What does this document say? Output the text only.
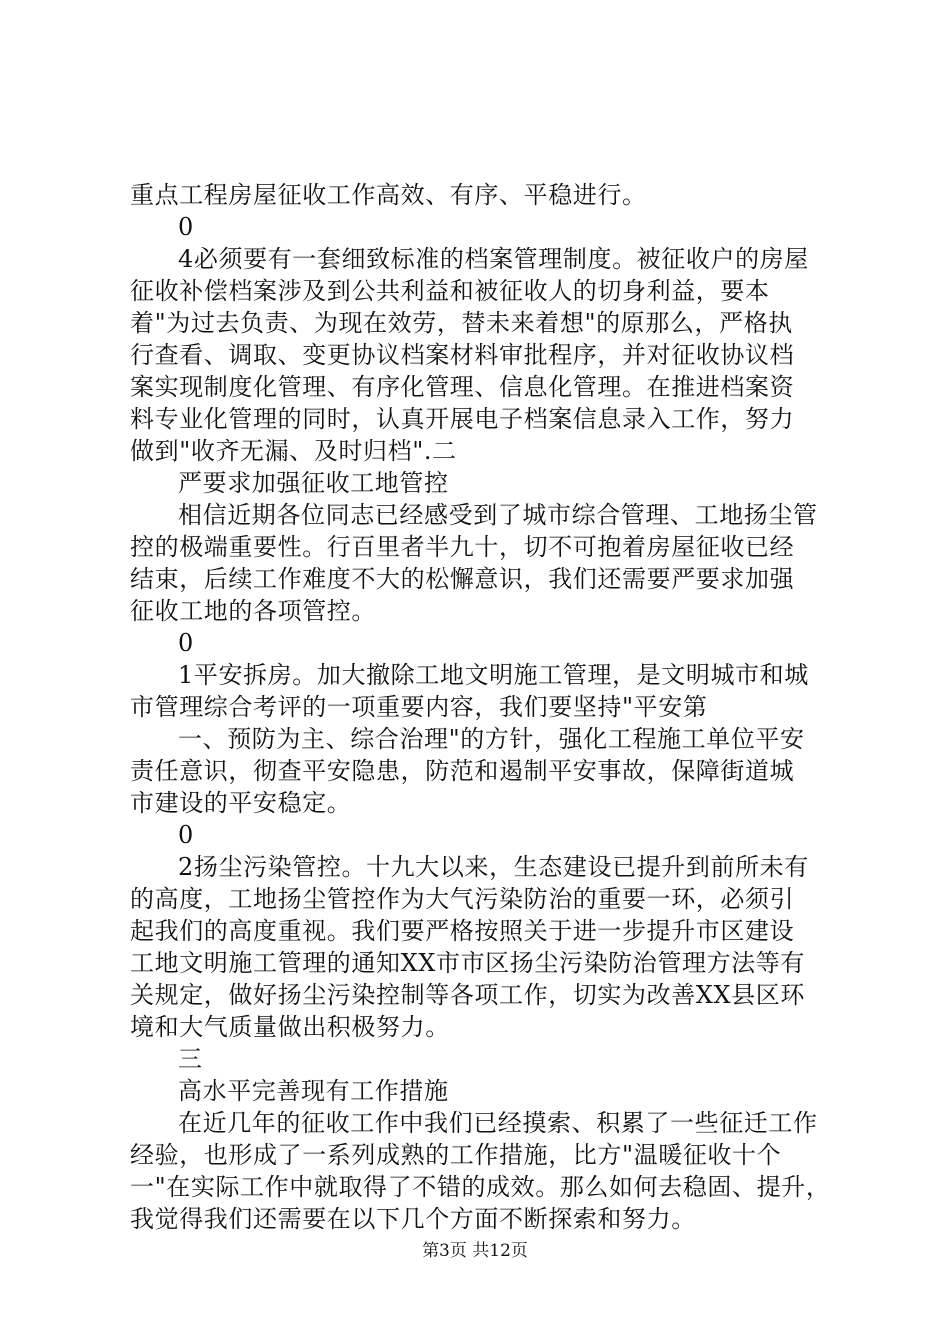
重点工程房屋征收工作高效、有序、平稳进行。
0
4必须要有一套细致标准的档案管理制度。被征收户的房屋
征收补偿档案涉及到公共利益和被征收人的切身利益，要本
着"为过去负责、为现在效劳，替未来着想"的原那么，严格执
行查看、调取、变更协议档案材料审批程序，并对征收协议档
案实现制度化管理、有序化管理、信息化管理。在推进档案资
料专业化管理的同时，认真开展电子档案信息录入工作，努力
做到"收齐无漏、及时归档".二
严要求加强征收工地管控
相信近期各位同志已经感受到了城市综合管理、工地扬尘管
控的极端重要性。行百里者半九十，切不可抱着房屋征收已经
结束，后续工作难度不大的松懈意识，我们还需要严要求加强
征收工地的各项管控。
0
1平安拆房。加大撤除工地文明施工管理，是文明城市和城
市管理综合考评的一项重要内容，我们要坚持"平安第
一、预防为主、综合治理"的方针，强化工程施工单位平安
责任意识，彻查平安隐患，防范和遏制平安事故，保障街道城
市建设的平安稳定。
0
2扬尘污染管控。十九大以来，生态建设已提升到前所未有
的高度，工地扬尘管控作为大气污染防治的重要一环，必须引
起我们的高度重视。我们要严格按照关于进一步提升市区建设
工地文明施工管理的通知XX市市区扬尘污染防治管理方法等有
关规定，做好扬尘污染控制等各项工作，切实为改善XX县区环
境和大气质量做出积极努力。
三
高水平完善现有工作措施
在近几年的征收工作中我们已经摸索、积累了一些征迁工作
经验，也形成了一系列成熟的工作措施，比方"温暖征收十个
一"在实际工作中就取得了不错的成效。那么如何去稳固、提升，
我觉得我们还需要在以下几个方面不断探索和努力。
第3页 共12页
